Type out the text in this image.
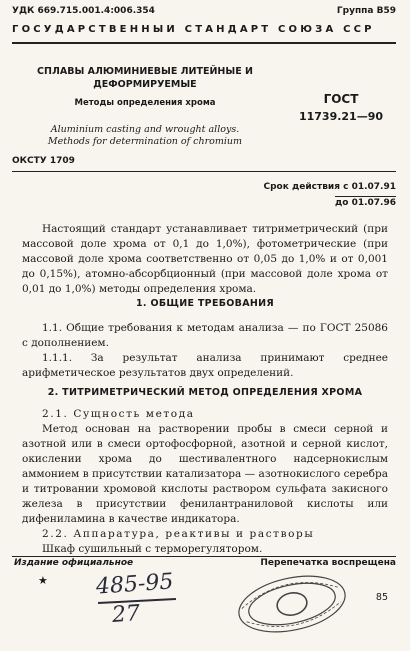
УДК 669.715.001.4:006.354	Группа В59
ГОСУДАРСТВЕННЫЙ СТАНДАРТ СОЮЗА ССР
СПЛАВЫ АЛЮМИНИЕВЫЕ ЛИТЕЙНЫЕ И
ДЕФОРМИРУЕМЫЕ
Методы определения хрома
Aluminium casting and wrought alloys.
Methods for determination of chromium
ГОСТ
11739.21—90
ОКСТУ 1709
Срок действия с 01.07.91
до 01.07.96

Настоящий стандарт устанавливает титриметрический (при массовой доле хрома от 0,1 до 1,0%), фотометрические (при массовой доле хрома соответственно от 0,05 до 1,0% и от 0,001 до 0,15%), атомно-абсорбционный (при массовой доле хрома от 0,01 до 1,0%) методы определения хрома.

1. ОБЩИЕ ТРЕБОВАНИЯ

1.1. Общие требования к методам анализа — по ГОСТ 25086 с дополнением.

1.1.1. За результат анализа принимают среднее арифметическое результатов двух определений.

2. ТИТРИМЕТРИЧЕСКИЙ МЕТОД ОПРЕДЕЛЕНИЯ ХРОМА

2.1. Сущность метода

Метод основан на растворении пробы в смеси серной и азотной или в смеси ортофосфорной, азотной и серной кислот, окислении хрома до шестивалентного надсернокислым аммонием в присутствии катализатора — азотнокислого серебра и титровании хромовой кислоты раствором сульфата закисного железа в присутствии фенилантраниловой кислоты или дифениламина в качестве индикатора.

2.2. Аппаратура, реактивы и растворы

Шкаф сушильный с терморегулятором.

Издание официальное	Перепечатка воспрещена
★ 485-95
27
85
